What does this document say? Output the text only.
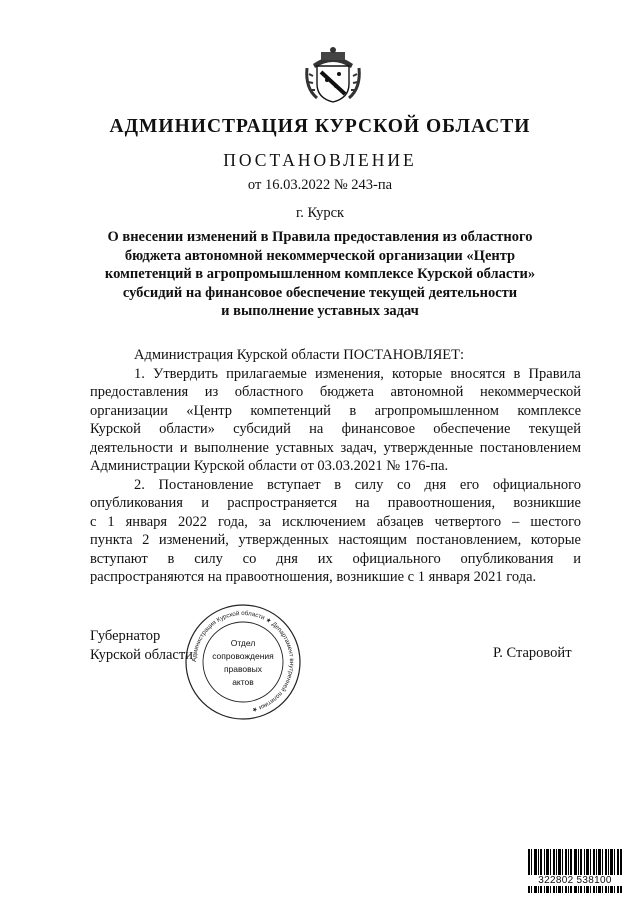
АДМИНИСТРАЦИЯ КУРСКОЙ ОБЛАСТИ
ПОСТАНОВЛЕНИЕ
от 16.03.2022 № 243-па
г. Курск
О внесении изменений в Правила предоставления из областного
бюджета автономной некоммерческой организации «Центр
компетенций в агропромышленном комплексе Курской области»
субсидий на финансовое обеспечение текущей деятельности
и выполнение уставных задач
Администрация Курской области ПОСТАНОВЛЯЕТ:
1. Утвердить прилагаемые изменения, которые вносятся в Правила
предоставления из областного бюджета автономной некоммерческой
организации «Центр компетенций в агропромышленном комплексе
Курской области» субсидий на финансовое обеспечение текущей
деятельности и выполнение уставных задач, утвержденные постановлением
Администрации Курской области от 03.03.2021 № 176-па.
2. Постановление вступает в силу со дня его официального
опубликования и распространяется на правоотношения, возникшие
с 1 января 2022 года, за исключением абзацев четвертого – шестого
пункта 2 изменений, утвержденных настоящим постановлением, которые
вступают в силу со дня их официального опубликования и
распространяются на правоотношения, возникшие с 1 января 2021 года.
Губернатор
Курской области	Р. Старовойт
Администрация Курской области ★ Департамент внутренней политики ★
Отдел
сопровождения
правовых
актов
322802 538100
